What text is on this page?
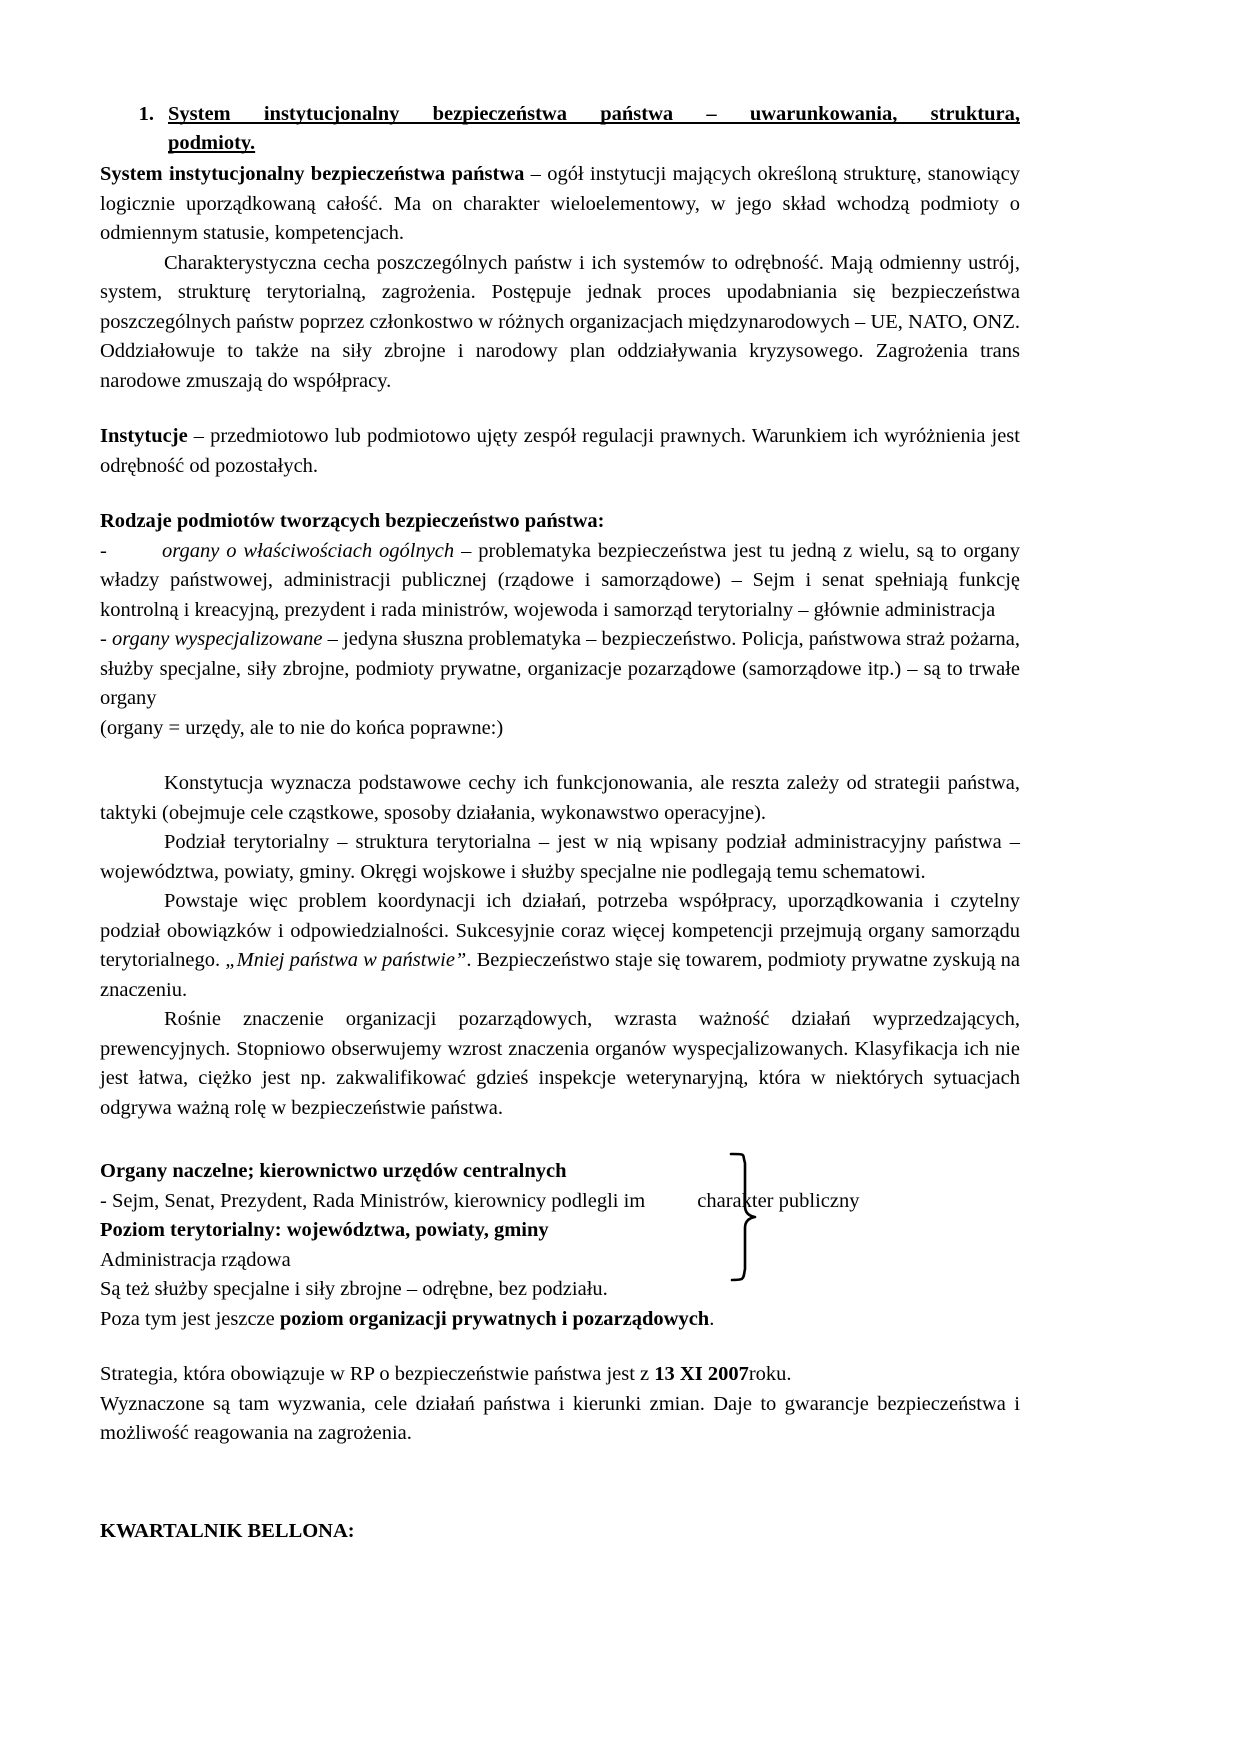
1. System instytucjonalny bezpieczeństwa państwa – uwarunkowania, struktura,
podmioty.

System instytucjonalny bezpieczeństwa państwa – ogół instytucji mających określoną strukturę, stanowiący logicznie uporządkowaną całość. Ma on charakter wieloelementowy, w jego skład wchodzą podmioty o odmiennym statusie, kompetencjach.

Charakterystyczna cecha poszczególnych państw i ich systemów to odrębność. Mają odmienny ustrój, system, strukturę terytorialną, zagrożenia. Postępuje jednak proces upodabniania się bezpieczeństwa poszczególnych państw poprzez członkostwo w różnych organizacjach międzynarodowych – UE, NATO, ONZ. Oddziałowuje to także na siły zbrojne i narodowy plan oddziaływania kryzysowego. Zagrożenia trans narodowe zmuszają do współpracy.

Instytucje – przedmiotowo lub podmiotowo ujęty zespół regulacji prawnych. Warunkiem ich wyróżnienia jest odrębność od pozostałych.

Rodzaje podmiotów tworzących bezpieczeństwo państwa:

-	organy o właściwościach ogólnych – problematyka bezpieczeństwa jest tu jedną z wielu, są to organy władzy państwowej, administracji publicznej (rządowe i samorządowe) – Sejm i senat spełniają funkcję kontrolną i kreacyjną, prezydent i rada ministrów, wojewoda i samorząd terytorialny – głównie administracja

- organy wyspecjalizowane – jedyna słuszna problematyka – bezpieczeństwo. Policja, państwowa straż pożarna, służby specjalne, siły zbrojne, podmioty prywatne, organizacje pozarządowe (samorządowe itp.) – są to trwałe organy

(organy = urzędy, ale to nie do końca poprawne:)

Konstytucja wyznacza podstawowe cechy ich funkcjonowania, ale reszta zależy od strategii państwa, taktyki (obejmuje cele cząstkowe, sposoby działania, wykonawstwo operacyjne).

Podział terytorialny – struktura terytorialna – jest w nią wpisany podział administracyjny państwa – województwa, powiaty, gminy. Okręgi wojskowe i służby specjalne nie podlegają temu schematowi.

Powstaje więc problem koordynacji ich działań, potrzeba współpracy, uporządkowania i czytelny podział obowiązków i odpowiedzialności. Sukcesyjnie coraz więcej kompetencji przejmują organy samorządu terytorialnego. „Mniej państwa w państwie”. Bezpieczeństwo staje się towarem, podmioty prywatne zyskują na znaczeniu.

Rośnie znaczenie organizacji pozarządowych, wzrasta ważność działań wyprzedzających, prewencyjnych. Stopniowo obserwujemy wzrost znaczenia organów wyspecjalizowanych. Klasyfikacja ich nie jest łatwa, ciężko jest np. zakwalifikować gdzieś inspekcje weterynaryjną, która w niektórych sytuacjach odgrywa ważną rolę w bezpieczeństwie państwa.

Organy naczelne; kierownictwo urzędów centralnych

- Sejm, Senat, Prezydent, Rada Ministrów, kierownicy podlegli im	charakter publiczny

Poziom terytorialny: województwa, powiaty, gminy

Administracja rządowa

Są też służby specjalne i siły zbrojne – odrębne, bez podziału.

Poza tym jest jeszcze poziom organizacji prywatnych i pozarządowych.

Strategia, która obowiązuje w RP o bezpieczeństwie państwa jest z 13 XI 2007roku.

Wyznaczone są tam wyzwania, cele działań państwa i kierunki zmian. Daje to gwarancje bezpieczeństwa i możliwość reagowania na zagrożenia.

KWARTALNIK BELLONA:
